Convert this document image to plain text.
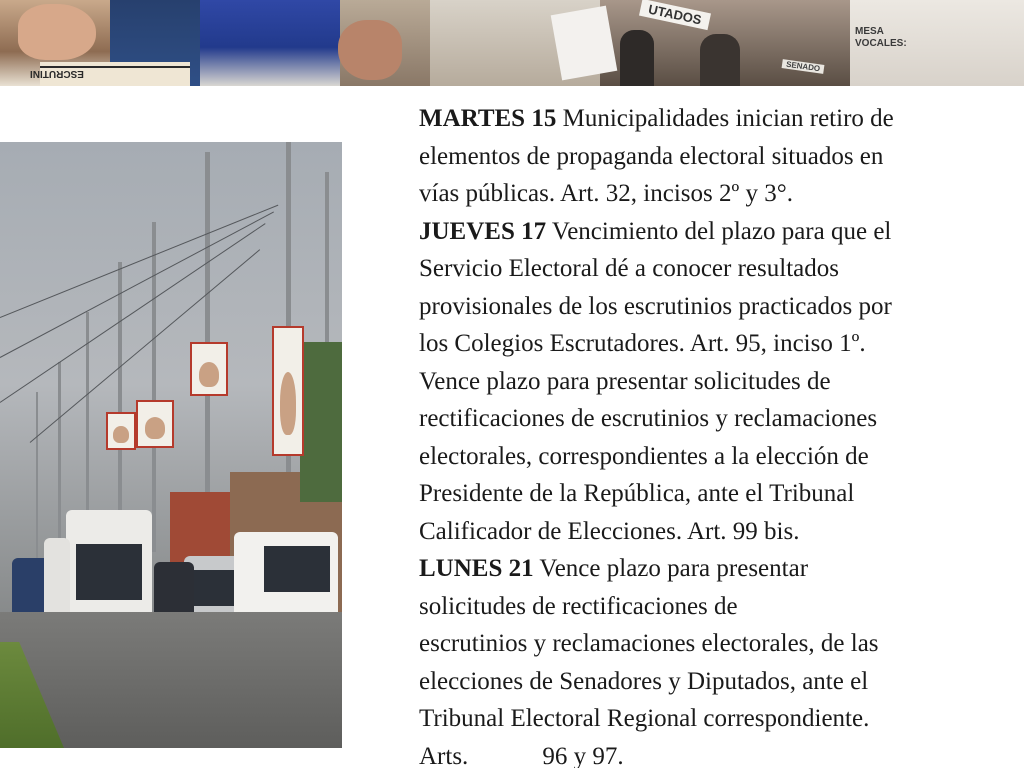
UTADOS
SENADO
MESA
VOCALES:
ESCRUTINI
MARTES 15 Municipalidades inician retiro de
elementos de propaganda electoral situados en
vías públicas. Art. 32, incisos 2º y 3°.
JUEVES 17 Vencimiento del plazo para que el
Servicio Electoral dé a conocer resultados
provisionales de los escrutinios practicados por
los Colegios Escrutadores. Art. 95, inciso 1º.
Vence plazo para presentar solicitudes de
rectificaciones de escrutinios y reclamaciones
electorales, correspondientes a la elección de
Presidente de la República, ante el Tribunal
Calificador de Elecciones. Art. 99 bis.
LUNES 21 Vence plazo para presentar
solicitudes de rectificaciones de
escrutinios y reclamaciones electorales, de las
elecciones de Senadores y Diputados, ante el
Tribunal Electoral Regional correspondiente.
Arts.	96 y 97.
